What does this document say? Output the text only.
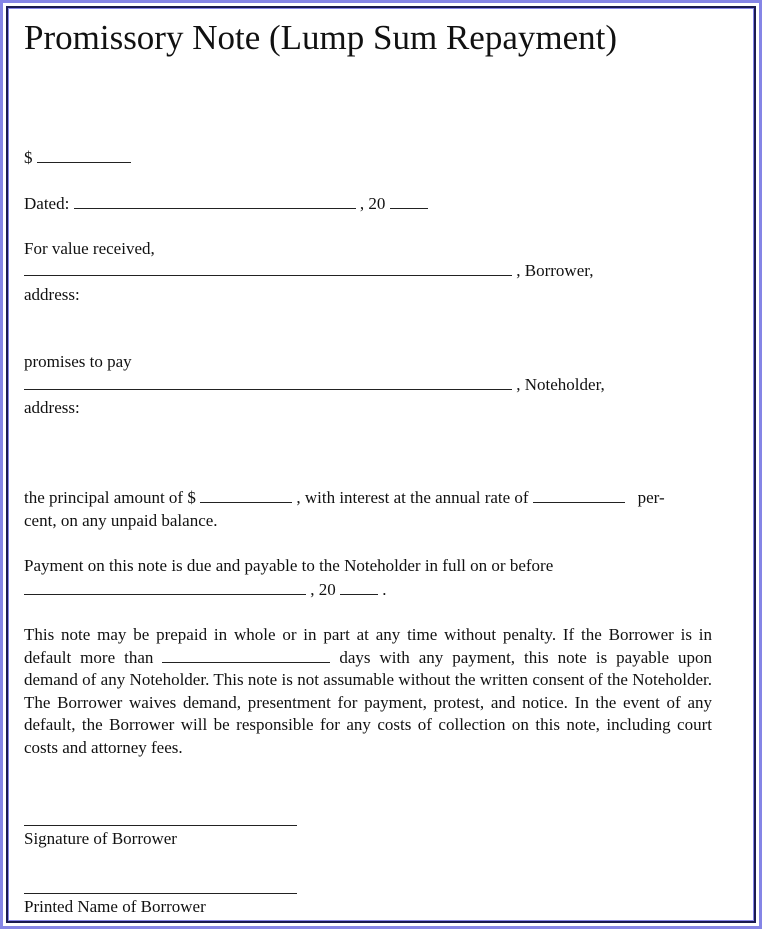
Promissory Note (Lump Sum Repayment)
$
Dated:	, 20
For value received,
, Borrower,
address:
promises to pay
, Noteholder,
address:
the principal amount of $	, with interest at the annual rate of	per-
cent, on any unpaid balance.
Payment on this note is due and payable to the Noteholder in full on or before
, 20	.
This note may be prepaid in whole or in part at any time without penalty. If the Borrower is in default more than	days with any payment, this note is payable upon demand of any Noteholder. This note is not assumable without the written consent of the Noteholder. The Borrower waives demand, presentment for payment, protest, and notice. In the event of any default, the Borrower will be responsible for any costs of collection on this note, including court costs and attorney fees.
Signature of Borrower
Printed Name of Borrower
